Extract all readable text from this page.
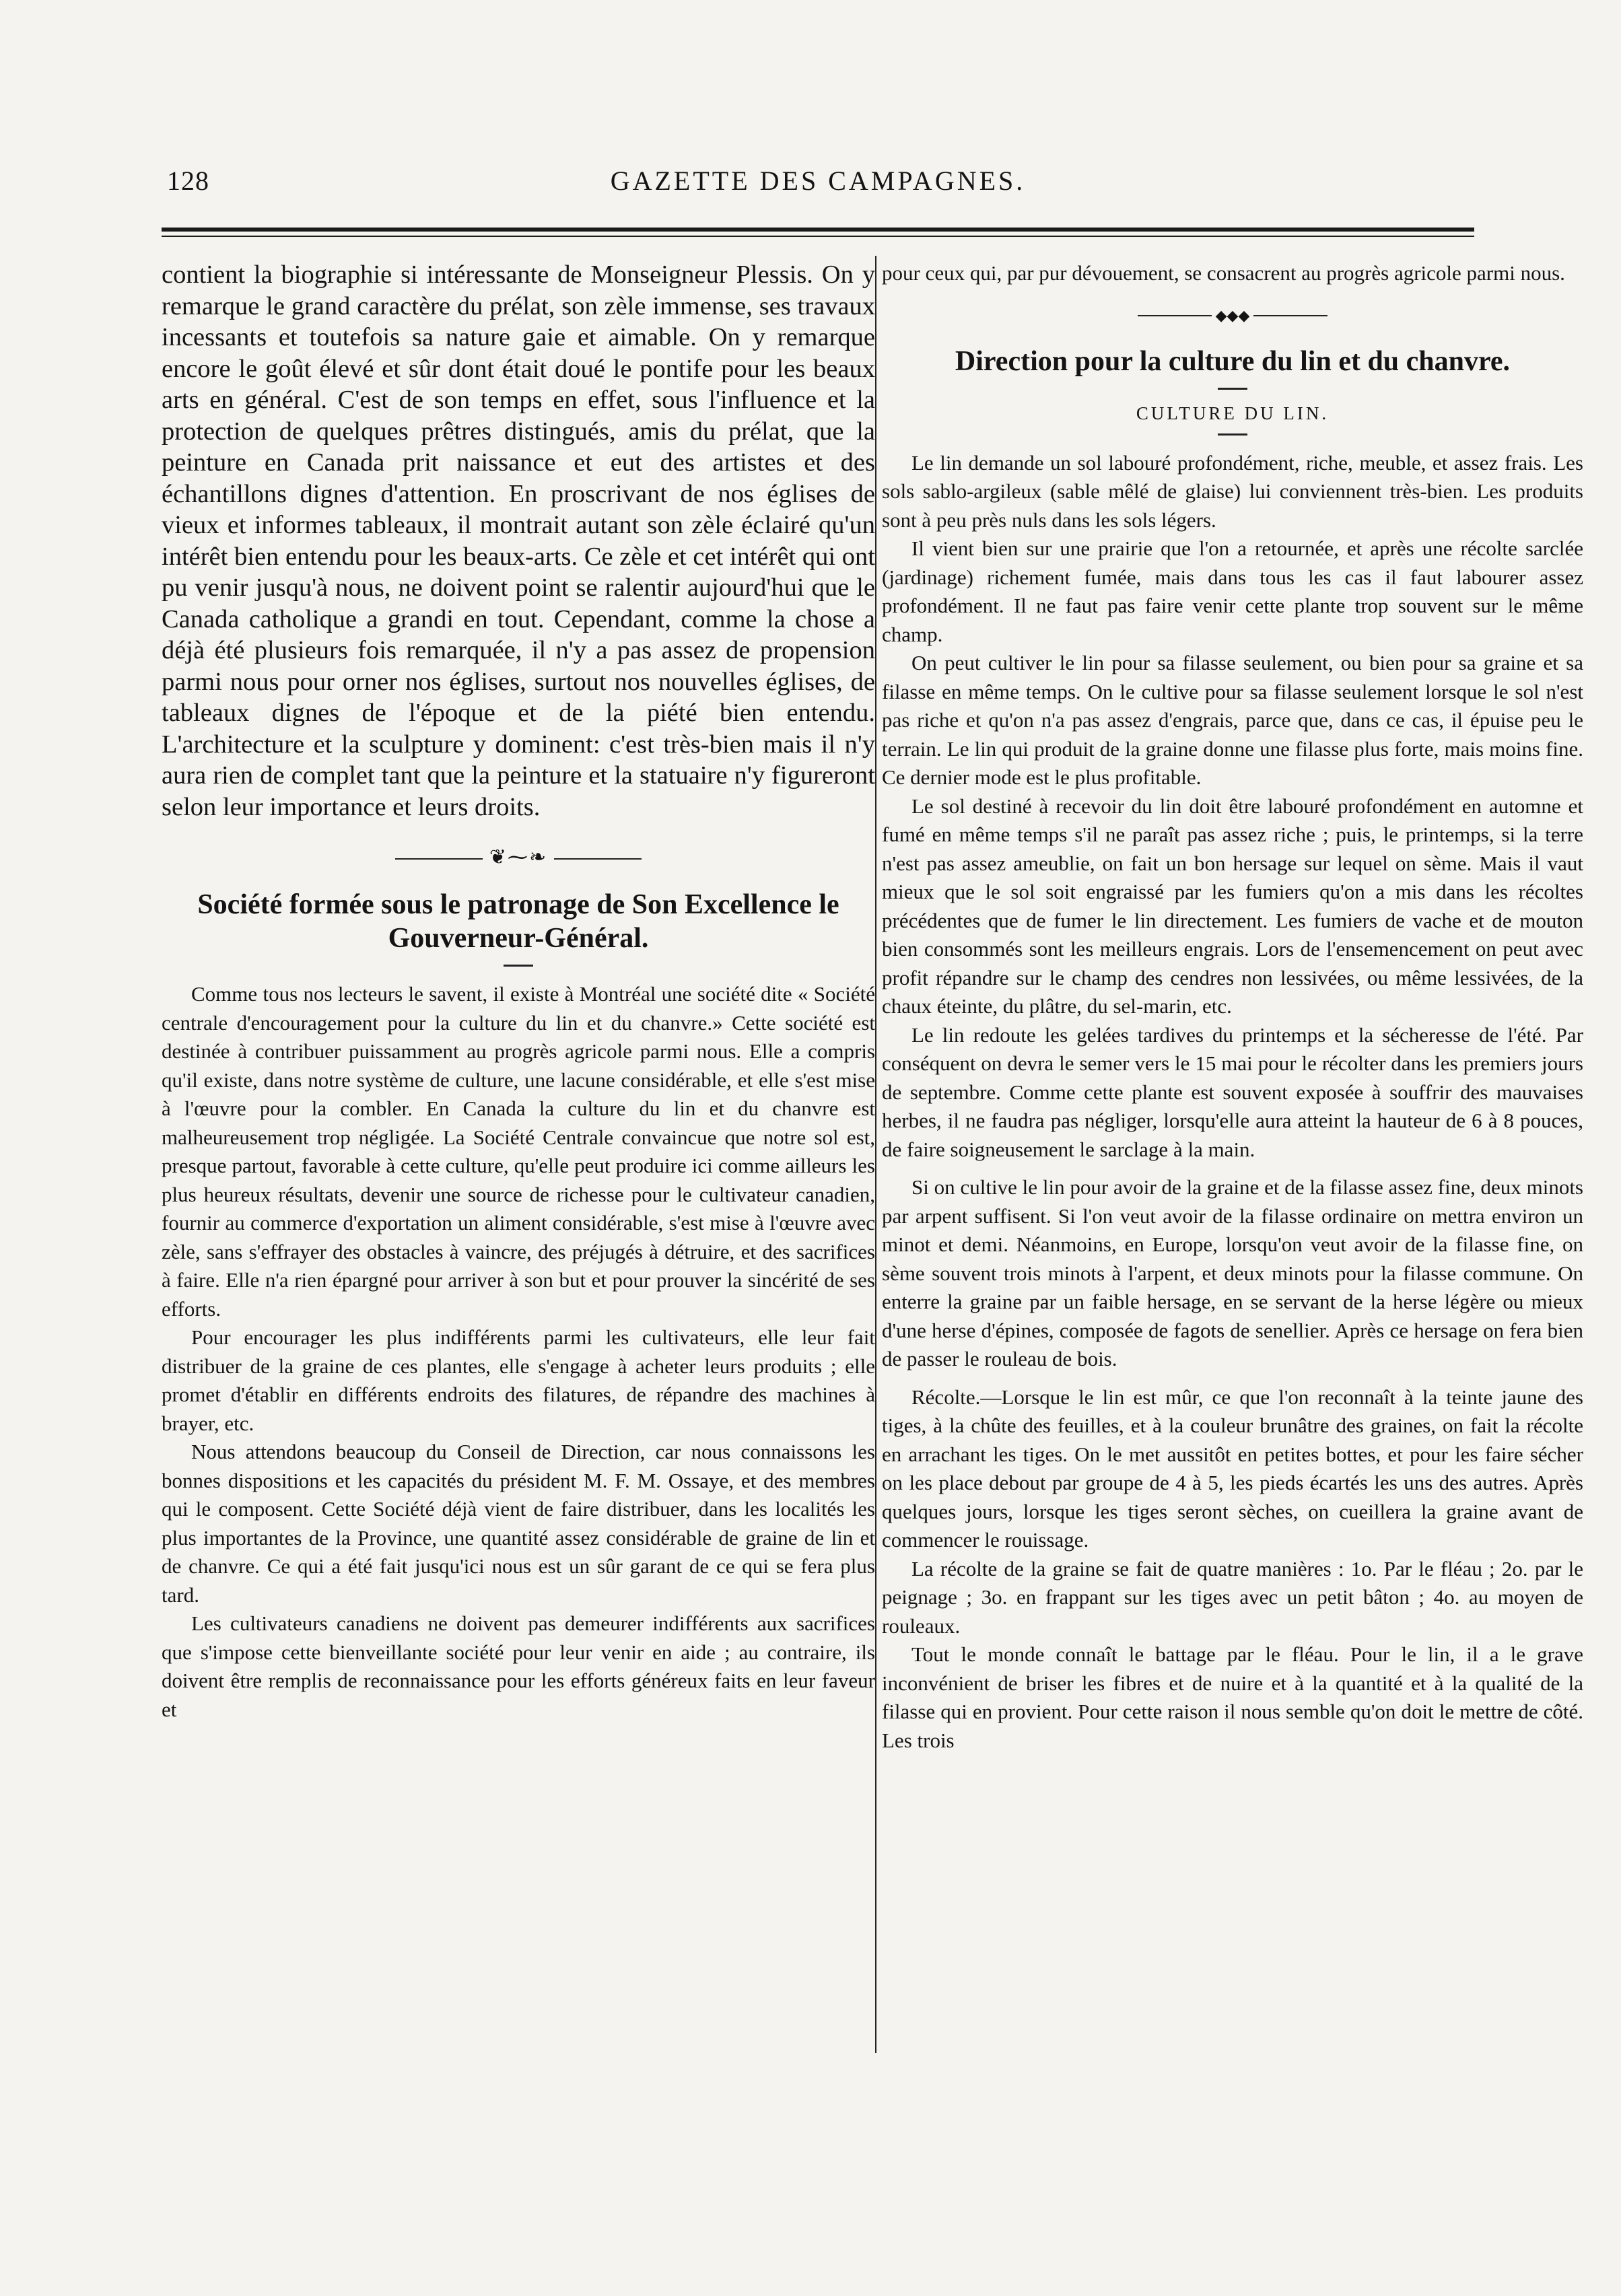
128	GAZETTE DES CAMPAGNES.

contient la biographie si intéressante de Monseigneur Plessis. On y remarque le grand caractère du prélat, son zèle immense, ses travaux incessants et toutefois sa nature gaie et aimable. On y remarque encore le goût élevé et sûr dont était doué le pontife pour les beaux arts en général. C'est de son temps en effet, sous l'influence et la protection de quelques prêtres distingués, amis du prélat, que la peinture en Canada prit naissance et eut des artistes et des échantillons dignes d'attention. En proscrivant de nos églises de vieux et informes tableaux, il montrait autant son zèle éclairé qu'un intérêt bien entendu pour les beaux-arts. Ce zèle et cet intérêt qui ont pu venir jusqu'à nous, ne doivent point se ralentir aujourd'hui que le Canada catholique a grandi en tout. Cependant, comme la chose a déjà été plusieurs fois remarquée, il n'y a pas assez de propension parmi nous pour orner nos églises, surtout nos nouvelles églises, de tableaux dignes de l'époque et de la piété bien entendu. L'architecture et la sculpture y dominent: c'est très-bien mais il n'y aura rien de complet tant que la peinture et la statuaire n'y figureront selon leur importance et leurs droits.

❦⁓❧
Société formée sous le patronage de Son Excellence le Gouverneur-Général.

Comme tous nos lecteurs le savent, il existe à Montréal une société dite « Société centrale d'encouragement pour la culture du lin et du chanvre.» Cette société est destinée à contribuer puissamment au progrès agricole parmi nous. Elle a compris qu'il existe, dans notre système de culture, une lacune considérable, et elle s'est mise à l'œuvre pour la combler. En Canada la culture du lin et du chanvre est malheureusement trop négligée. La Société Centrale convaincue que notre sol est, presque partout, favorable à cette culture, qu'elle peut produire ici comme ailleurs les plus heureux résultats, devenir une source de richesse pour le cultivateur canadien, fournir au commerce d'exportation un aliment considérable, s'est mise à l'œuvre avec zèle, sans s'effrayer des obstacles à vaincre, des préjugés à détruire, et des sacrifices à faire. Elle n'a rien épargné pour arriver à son but et pour prouver la sincérité de ses efforts.

Pour encourager les plus indifférents parmi les cultivateurs, elle leur fait distribuer de la graine de ces plantes, elle s'engage à acheter leurs produits ; elle promet d'établir en différents endroits des filatures, de répandre des machines à brayer, etc.

Nous attendons beaucoup du Conseil de Direction, car nous connaissons les bonnes dispositions et les capacités du président M. F. M. Ossaye, et des membres qui le composent. Cette Société déjà vient de faire distribuer, dans les localités les plus importantes de la Province, une quantité assez considérable de graine de lin et de chanvre. Ce qui a été fait jusqu'ici nous est un sûr garant de ce qui se fera plus tard.

Les cultivateurs canadiens ne doivent pas demeurer indifférents aux sacrifices que s'impose cette bienveillante société pour leur venir en aide ; au contraire, ils doivent être remplis de reconnaissance pour les efforts généreux faits en leur faveur et

pour ceux qui, par pur dévouement, se consacrent au progrès agricole parmi nous.

◆◆◆
Direction pour la culture du lin et du chanvre.
CULTURE DU LIN.

Le lin demande un sol labouré profondément, riche, meuble, et assez frais. Les sols sablo-argileux (sable mêlé de glaise) lui conviennent très-bien. Les produits sont à peu près nuls dans les sols légers.

Il vient bien sur une prairie que l'on a retournée, et après une récolte sarclée (jardinage) richement fumée, mais dans tous les cas il faut labourer assez profondément. Il ne faut pas faire venir cette plante trop souvent sur le même champ.

On peut cultiver le lin pour sa filasse seulement, ou bien pour sa graine et sa filasse en même temps. On le cultive pour sa filasse seulement lorsque le sol n'est pas riche et qu'on n'a pas assez d'engrais, parce que, dans ce cas, il épuise peu le terrain. Le lin qui produit de la graine donne une filasse plus forte, mais moins fine. Ce dernier mode est le plus profitable.

Le sol destiné à recevoir du lin doit être labouré profondément en automne et fumé en même temps s'il ne paraît pas assez riche ; puis, le printemps, si la terre n'est pas assez ameublie, on fait un bon hersage sur lequel on sème. Mais il vaut mieux que le sol soit engraissé par les fumiers qu'on a mis dans les récoltes précédentes que de fumer le lin directement. Les fumiers de vache et de mouton bien consommés sont les meilleurs engrais. Lors de l'ensemencement on peut avec profit répandre sur le champ des cendres non lessivées, ou même lessivées, de la chaux éteinte, du plâtre, du sel-marin, etc.

Le lin redoute les gelées tardives du printemps et la sécheresse de l'été. Par conséquent on devra le semer vers le 15 mai pour le récolter dans les premiers jours de septembre. Comme cette plante est souvent exposée à souffrir des mauvaises herbes, il ne faudra pas négliger, lorsqu'elle aura atteint la hauteur de 6 à 8 pouces, de faire soigneusement le sarclage à la main.

Si on cultive le lin pour avoir de la graine et de la filasse assez fine, deux minots par arpent suffisent. Si l'on veut avoir de la filasse ordinaire on mettra environ un minot et demi. Néanmoins, en Europe, lorsqu'on veut avoir de la filasse fine, on sème souvent trois minots à l'arpent, et deux minots pour la filasse commune. On enterre la graine par un faible hersage, en se servant de la herse légère ou mieux d'une herse d'épines, composée de fagots de senellier. Après ce hersage on fera bien de passer le rouleau de bois.

Récolte.—Lorsque le lin est mûr, ce que l'on reconnaît à la teinte jaune des tiges, à la chûte des feuilles, et à la couleur brunâtre des graines, on fait la récolte en arrachant les tiges. On le met aussitôt en petites bottes, et pour les faire sécher on les place debout par groupe de 4 à 5, les pieds écartés les uns des autres. Après quelques jours, lorsque les tiges seront sèches, on cueillera la graine avant de commencer le rouissage.

La récolte de la graine se fait de quatre manières : 1o. Par le fléau ; 2o. par le peignage ; 3o. en frappant sur les tiges avec un petit bâton ; 4o. au moyen de rouleaux.

Tout le monde connaît le battage par le fléau. Pour le lin, il a le grave inconvénient de briser les fibres et de nuire et à la quantité et à la qualité de la filasse qui en provient. Pour cette raison il nous semble qu'on doit le mettre de côté. Les trois
